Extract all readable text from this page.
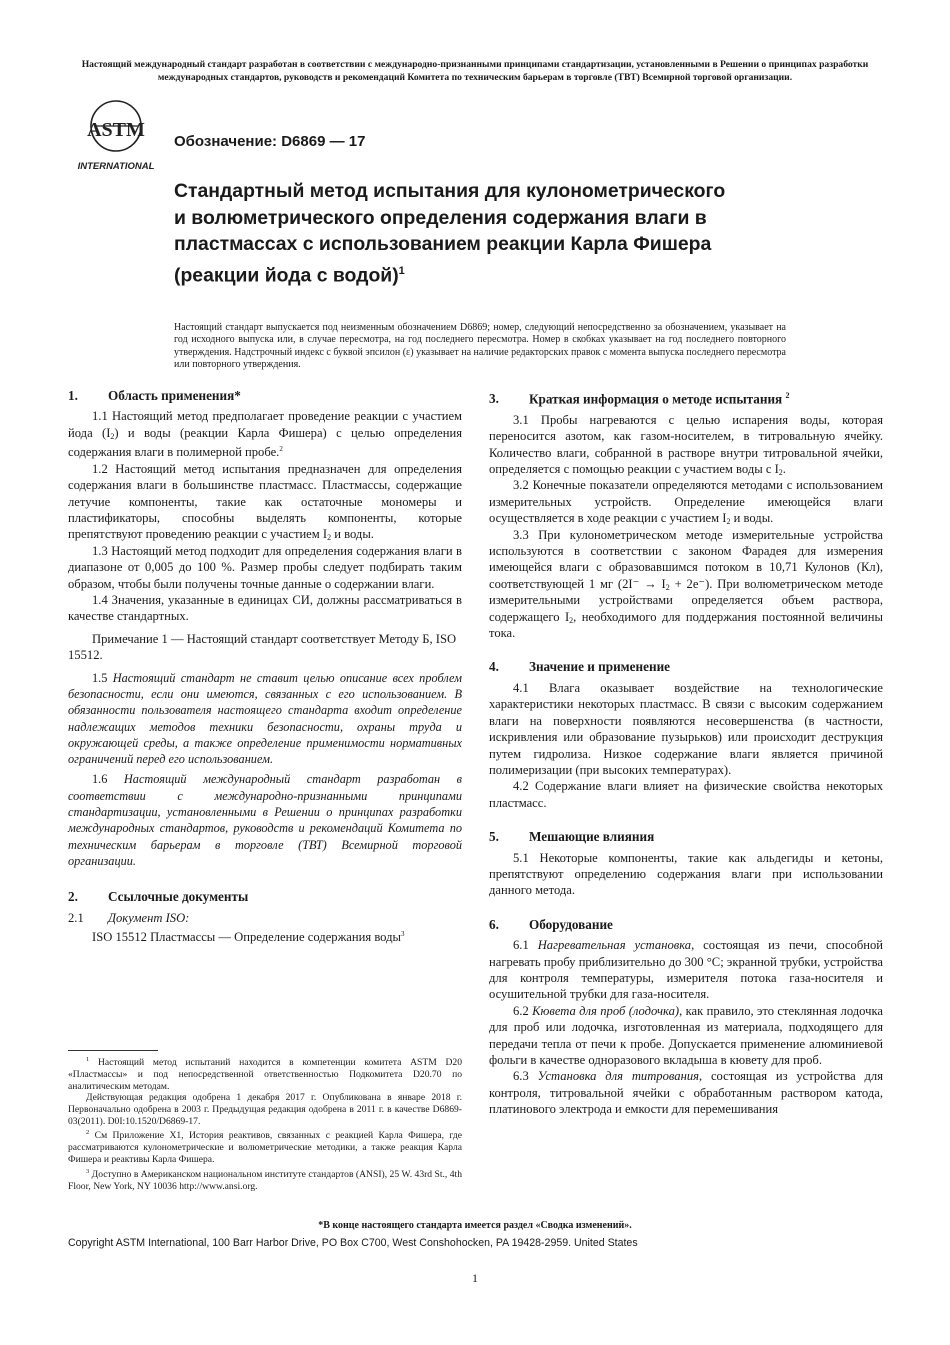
Настоящий международный стандарт разработан в соответствии с международно-признанными принципами стандартизации, установленными в Решении о принципах разработки международных стандартов, руководств и рекомендаций Комитета по техническим барьерам в торговле (ТВТ) Всемирной торговой организации.
ASTM
INTERNATIONAL
Обозначение: D6869 — 17
Стандартный метод испытания для кулонометрического и волюметрического определения содержания влаги в пластмассах с использованием реакции Карла Фишера (реакции йода с водой)$^1$
Настоящий стандарт выпускается под неизменным обозначением D6869; номер, следующий непосредственно за обозначением, указывает на год исходного выпуска или, в случае пересмотра, на год последнего пересмотра. Номер в скобках указывает на год последнего повторного утверждения. Надстрочный индекс с буквой эпсилон (ε) указывает на наличие редакторских правок с момента выпуска последнего пересмотра или повторного утверждения.
1. Область применения*

1.1 Настоящий метод предполагает проведение реакции с участием йода $(I_2)$ и воды (реакции Карла Фишера) с целью определения содержания влаги в полимерной пробе.$^2$

1.2 Настоящий метод испытания предназначен для определения содержания влаги в большинстве пластмасс. Пластмассы, содержащие летучие компоненты, такие как остаточные мономеры и пластификаторы, способны выделять компоненты, которые препятствуют проведению реакции с участием $I_2$ и воды.

1.3 Настоящий метод подходит для определения содержания влаги в диапазоне от 0,005 до 100 %. Размер пробы следует подбирать таким образом, чтобы были получены точные данные о содержании влаги.

1.4 Значения, указанные в единицах СИ, должны рассматриваться в качестве стандартных.

Примечание 1 — Настоящий стандарт соответствует Методу Б, ISO 15512.

1.5 Настоящий стандарт не ставит целью описание всех проблем безопасности, если они имеются, связанных с его использованием. В обязанности пользователя настоящего стандарта входит определение надлежащих методов техники безопасности, охраны труда и окружающей среды, а также определение применимости нормативных ограничений перед его использованием.

1.6 Настоящий международный стандарт разработан в соответствии с международно-признанными принципами стандартизации, установленными в Решении о принципах разработки международных стандартов, руководств и рекомендаций Комитета по техническим барьерам в торговле (ТВТ) Всемирной торговой организации.

2. Ссылочные документы

2.1 Документ ISO:

ISO 15512 Пластмассы — Определение содержания воды$^3$

3. Краткая информация о методе испытания $^2$

3.1 Пробы нагреваются с целью испарения воды, которая переносится азотом, как газом-носителем, в титровальную ячейку. Количество влаги, собранной в растворе внутри титровальной ячейки, определяется с помощью реакции с участием воды с $I_2$.

3.2 Конечные показатели определяются методами с использованием измерительных устройств. Определение имеющейся влаги осуществляется в ходе реакции с участием $I_2$ и воды.

3.3 При кулонометрическом методе измерительные устройства используются в соответствии с законом Фарадея для измерения имеющейся влаги с образовавшимся потоком в 10,71 Кулонов (Кл), соответствующей 1 мг $(2I^- \to I_2 + 2e^-)$. При волюметрическом методе измерительными устройствами определяется объем раствора, содержащего $I_2$, необходимого для поддержания постоянной величины тока.

4. Значение и применение

4.1 Влага оказывает воздействие на технологические характеристики некоторых пластмасс. В связи с высоким содержанием влаги на поверхности появляются несовершенства (в частности, искривления или образование пузырьков) или происходит деструкция путем гидролиза. Низкое содержание влаги является причиной полимеризации (при высоких температурах).

4.2 Содержание влаги влияет на физические свойства некоторых пластмасс.

5. Мешающие влияния

5.1 Некоторые компоненты, такие как альдегиды и кетоны, препятствуют определению содержания влаги при использовании данного метода.

6. Оборудование

6.1 Нагревательная установка, состоящая из печи, способной нагревать пробу приблизительно до 300 °С; экранной трубки, устройства для контроля температуры, измерителя потока газа-носителя и осушительной трубки для газа-носителя.

6.2 Кювета для проб (лодочка), как правило, это стеклянная лодочка для проб или лодочка, изготовленная из материала, подходящего для передачи тепла от печи к пробе. Допускается применение алюминиевой фольги в качестве одноразового вкладыша в кювету для проб.

6.3 Установка для титрования, состоящая из устройства для контроля, титровальной ячейки с обработанным раствором катода, платинового электрода и емкости для перемешивания

$^1$ Настоящий метод испытаний находится в компетенции комитета ASTM D20 «Пластмассы» и под непосредственной ответственностью Подкомитета D20.70 по аналитическим методам.

Действующая редакция одобрена 1 декабря 2017 г. Опубликована в январе 2018 г. Первоначально одобрена в 2003 г. Предыдущая редакция одобрена в 2011 г. в качестве D6869-03(2011). D0I:10.1520/D6869-17.

$^2$ См Приложение Х1, История реактивов, связанных с реакцией Карла Фишера, где рассматриваются кулонометрические и волюметрические методики, а также реакция Карла Фишера и реактивы Карла Фишера.

$^3$ Доступно в Американском национальном институте стандартов (ANSI), 25 W. 43rd St., 4th Floor, New York, NY 10036 http://www.ansi.org.

*В конце настоящего стандарта имеется раздел «Сводка изменений».
Copyright ASTM International, 100 Barr Harbor Drive, PO Box C700, West Conshohocken, PA 19428-2959. United States
1
